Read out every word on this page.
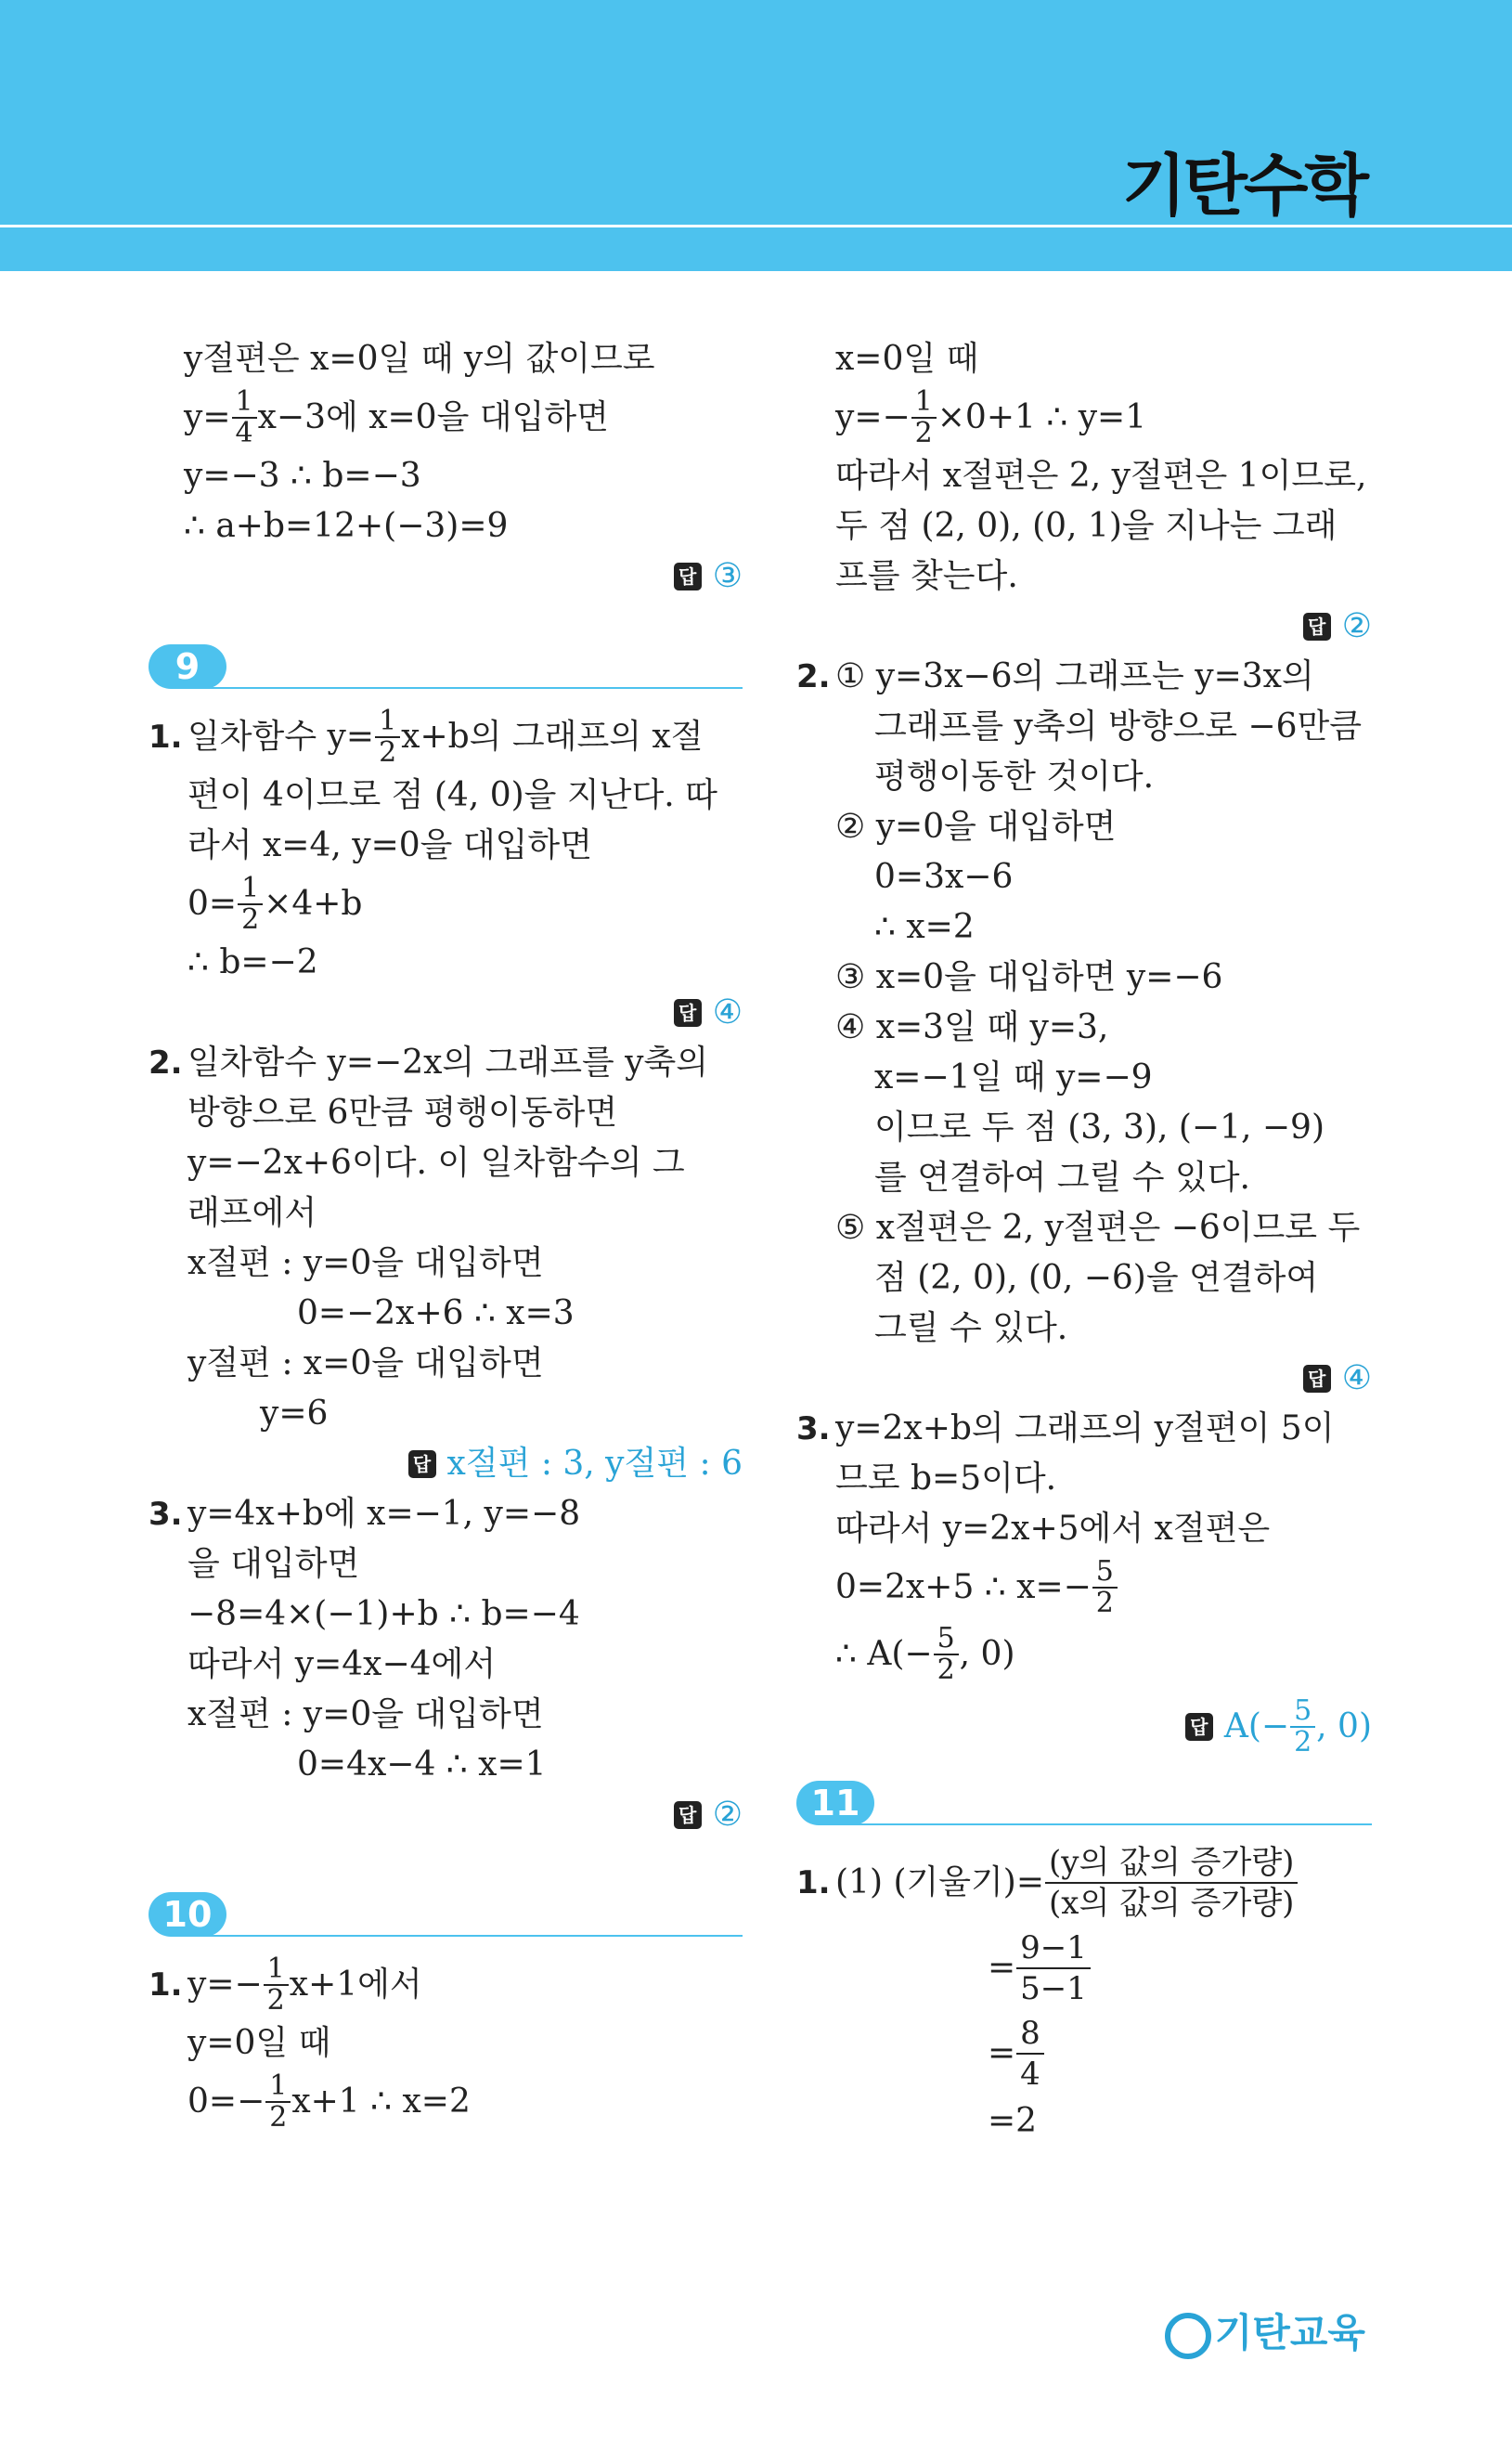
기탄수학
y절편은 x=0일 때 y의 값이므로
$y= \frac{1}{4} x-3$에 x=0을 대입하면
y=−3 ∴ b=−3
∴ a+b=12+(−3)=9
답 ③
9
1. 일차함수 $y= \frac{1}{2} x+b$의 그래프의 x절
편이 4이므로 점 (4, 0)을 지난다. 따
라서 x=4, y=0을 대입하면
$0= \frac{1}{2} \times 4+b$
∴ b=−2
답 ④
2. 일차함수 y=−2x의 그래프를 y축의
방향으로 6만큼 평행이동하면
y=−2x+6이다. 이 일차함수의 그
래프에서
x절편 : y=0을 대입하면
0=−2x+6 ∴ x=3
y절편 : x=0을 대입하면
y=6
답 x절편 : 3, y절편 : 6
3. y=4x+b에 x=−1, y=−8
을 대입하면
−8=4×(−1)+b ∴ b=−4
따라서 y=4x−4에서
x절편 : y=0을 대입하면
0=4x−4 ∴ x=1
답 ②
10
1. $y=- \frac{1}{2} x+1$에서
y=0일 때
$0=- \frac{1}{2} x+1$ ∴ x=2
x=0일 때
$y=- \frac{1}{2} \times 0+1$ ∴ y=1
따라서 x절편은 2, y절편은 1이므로,
두 점 (2, 0), (0, 1)을 지나는 그래
프를 찾는다.
답 ②
2. ① y=3x−6의 그래프는 y=3x의
그래프를 y축의 방향으로 −6만큼
평행이동한 것이다.
② y=0을 대입하면
0=3x−6
∴ x=2
③ x=0을 대입하면 y=−6
④ x=3일 때 y=3,
x=−1일 때 y=−9
이므로 두 점 (3, 3), (−1, −9)
를 연결하여 그릴 수 있다.
⑤ x절편은 2, y절편은 −6이므로 두
점 (2, 0), (0, −6)을 연결하여
그릴 수 있다.
답 ④
3. y=2x+b의 그래프의 y절편이 5이
므로 b=5이다.
따라서 y=2x+5에서 x절편은
0=2x+5 ∴ $x=- \frac{5}{2}$
∴ $A(- \frac{5}{2}$ , 0)
답 $A(- \frac{5}{2}$ , 0)
11
1. (1) (기울기)= $\frac{\text{(y의 값의 증가량)}}{\text{(x의 값의 증가량)}}$
= $\frac{9-1}{5-1}$
= $\frac{8}{4}$
=2
기탄교육
